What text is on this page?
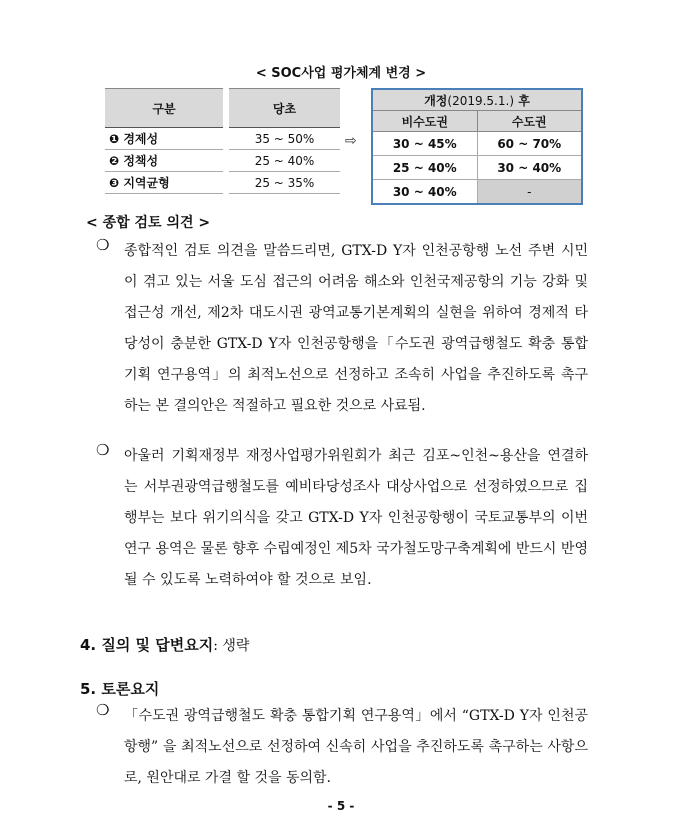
< SOC사업 평가체계 변경 >
구분		당초
❶ 경제성		35 ~ 50%
❷ 정책성		25 ~ 40%
❸ 지역균형		25 ~ 35%
⇨
개정(2019.5.1.) 후	
비수도권	수도권
30 ~ 45%	60 ~ 70%
25 ~ 40%	30 ~ 40%
30 ~ 40%	-
< 종합 검토 의견 >
❍ 종합적인 검토 의견을 말씀드리면, GTX-D Y자 인천공항행 노선 주변 시민이 겪고 있는 서울 도심 접근의 어려움 해소와 인천국제공항의 기능 강화 및 접근성 개선, 제2차 대도시권 광역교통기본계획의 실현을 위하여 경제적 타당성이 충분한 GTX-D Y자 인천공항행을「수도권 광역급행철도 확충 통합기획 연구용역」의 최적노선으로 선정하고 조속히 사업을 추진하도록 촉구하는 본 결의안은 적절하고 필요한 것으로 사료됨.
❍ 아울러 기획재정부 재정사업평가위원회가 최근 김포~인천~용산을 연결하는 서부권광역급행철도를 예비타당성조사 대상사업으로 선정하였으므로 집행부는 보다 위기의식을 갖고 GTX-D Y자 인천공항행이 국토교통부의 이번 연구 용역은 물론 향후 수립예정인 제5차 국가철도망구축계획에 반드시 반영될 수 있도록 노력하여야 할 것으로 보임.
4. 질의 및 답변요지: 생략
5. 토론요지
❍ 「수도권 광역급행철도 확충 통합기획 연구용역」에서 “GTX-D Y자 인천공항행” 을 최적노선으로 선정하여 신속히 사업을 추진하도록 촉구하는 사항으로, 원안대로 가결 할 것을 동의함.
- 5 -
